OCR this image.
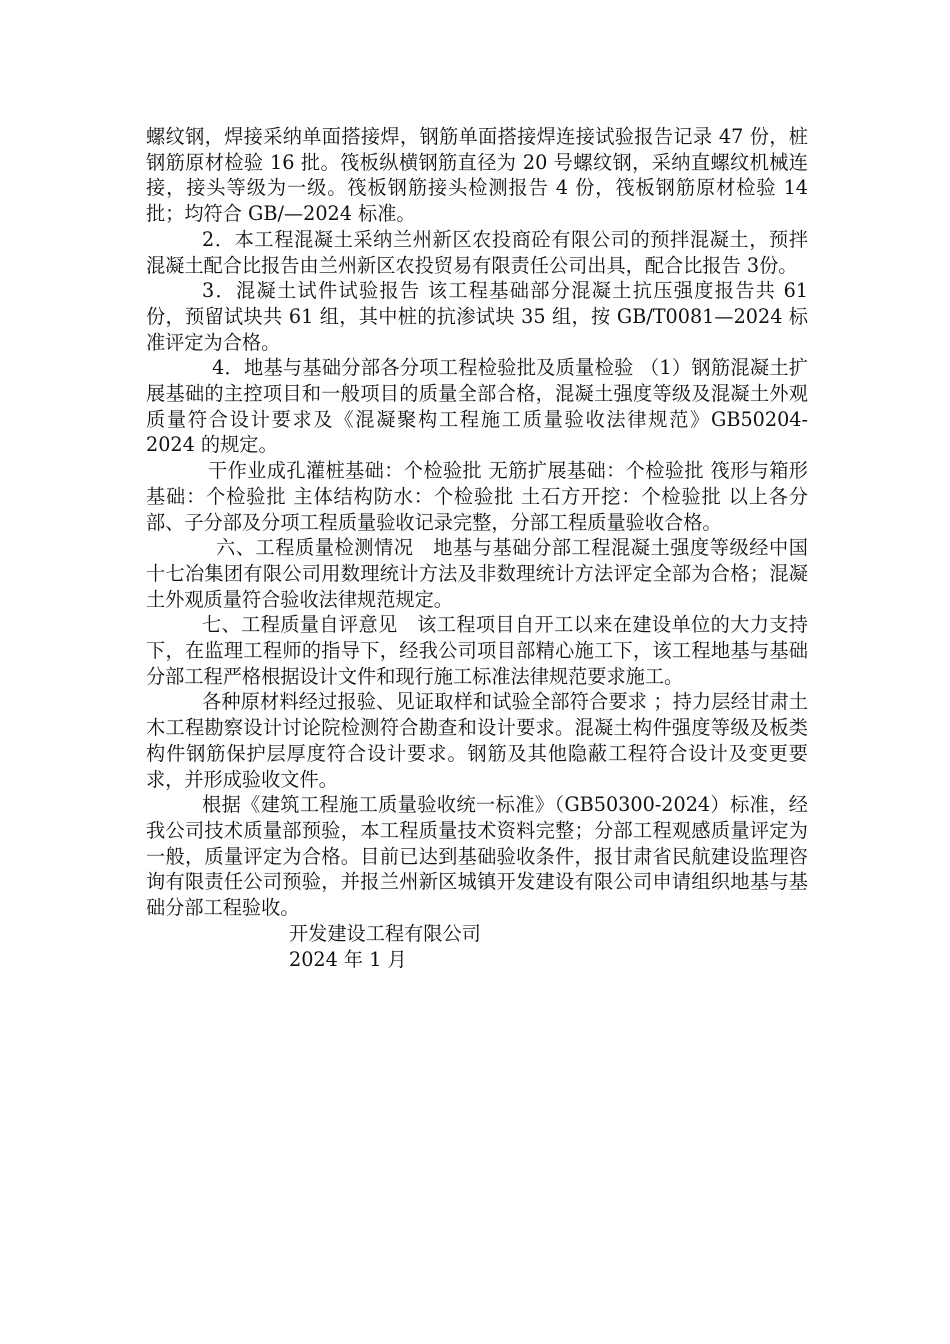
螺纹钢，焊接采纳单面搭接焊，钢筋单面搭接焊连接试验报告记录 47 份，桩钢筋原材检验 16 批。筏板纵横钢筋直径为 20 号螺纹钢，采纳直螺纹机械连接，接头等级为一级。筏板钢筋接头检测报告 4 份，筏板钢筋原材检验 14 批；均符合 GB/—2024 标准。

2．本工程混凝土采纳兰州新区农投商砼有限公司的预拌混凝土，预拌混凝土配合比报告由兰州新区农投贸易有限责任公司出具，配合比报告 3份。

3．混凝土试件试验报告 该工程基础部分混凝土抗压强度报告共 61 份，预留试块共 61 组，其中桩的抗渗试块 35 组，按 GB/T0081—2024 标准评定为合格。

4．地基与基础分部各分项工程检验批及质量检验 （1）钢筋混凝土扩展基础的主控项目和一般项目的质量全部合格，混凝土强度等级及混凝土外观质量符合设计要求及《混凝聚构工程施工质量验收法律规范》GB50204-2024 的规定。

干作业成孔灌桩基础：个检验批 无筋扩展基础：个检验批 筏形与箱形基础：个检验批 主体结构防水：个检验批 土石方开挖：个检验批 以上各分部、子分部及分项工程质量验收记录完整，分部工程质量验收合格。

六、工程质量检测情况　地基与基础分部工程混凝土强度等级经中国十七冶集团有限公司用数理统计方法及非数理统计方法评定全部为合格；混凝土外观质量符合验收法律规范规定。

七、工程质量自评意见　该工程项目自开工以来在建设单位的大力支持下，在监理工程师的指导下，经我公司项目部精心施工下，该工程地基与基础分部工程严格根据设计文件和现行施工标准法律规范要求施工。

各种原材料经过报验、见证取样和试验全部符合要求 ；持力层经甘肃土木工程勘察设计讨论院检测符合勘查和设计要求。混凝土构件强度等级及板类构件钢筋保护层厚度符合设计要求。钢筋及其他隐蔽工程符合设计及变更要求，并形成验收文件。

根据《建筑工程施工质量验收统一标准》（GB50300-2024）标准，经我公司技术质量部预验，本工程质量技术资料完整；分部工程观感质量评定为一般，质量评定为合格。目前已达到基础验收条件，报甘肃省民航建设监理咨询有限责任公司预验，并报兰州新区城镇开发建设有限公司申请组织地基与基础分部工程验收。

开发建设工程有限公司

2024 年 1 月
